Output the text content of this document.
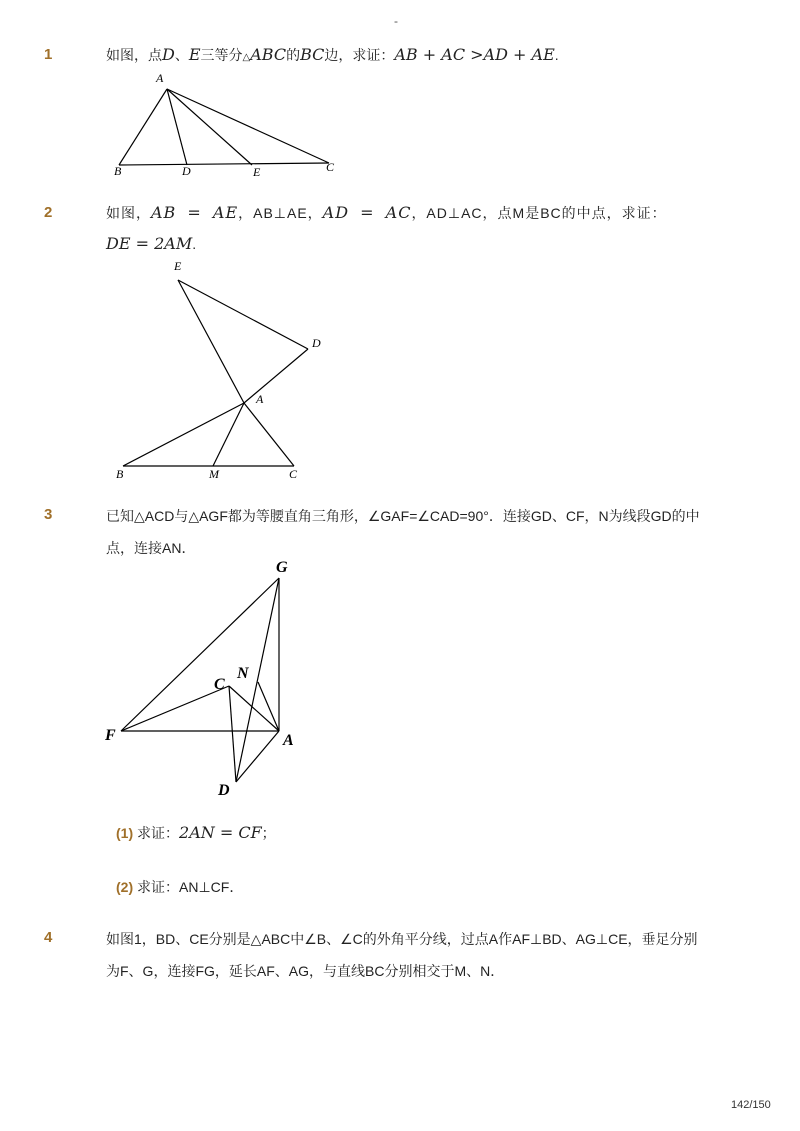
-
1	如图，点D、E三等分△ABC的BC边，求证：AB + AC >AD + AE.
A
B	D	E	C
2	如图，AB = AE，AB⊥AE，AD = AC，AD⊥AC，点M是BC的中点，求证：
DE = 2AM.
E
D
A
B	M	C
3	已知△ACD与△AGF都为等腰直角三角形，∠GAF=∠CAD=90°．连接GD、CF，N为线段GD的中
点，连接AN．
G
N
C
F	A
D
(1) 求证：2AN = CF；
(2) 求证：AN⊥CF．
4	如图1，BD、CE分别是△ABC中∠B、∠C的外角平分线，过点A作AF⊥BD、AG⊥CE，垂足分别
为F、G，连接FG，延长AF、AG，与直线BC分别相交于M、N．
142/150
